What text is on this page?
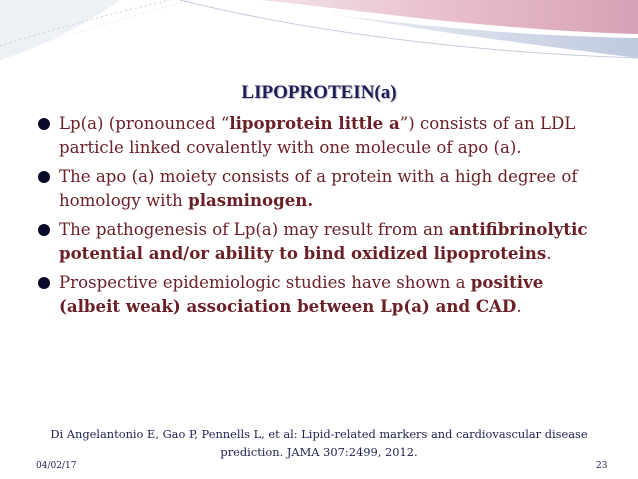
LIPOPROTEIN(a)
Lp(a) (pronounced “lipoprotein little a”) consists of an LDL particle linked covalently with one molecule of apo (a).
The apo (a) moiety consists of a protein with a high degree of homology with plasminogen.
The pathogenesis of Lp(a) may result from an antifibrinolytic potential and/or ability to bind oxidized lipoproteins.
Prospective epidemiologic studies have shown a positive (albeit weak) association between Lp(a) and CAD.
Di Angelantonio E, Gao P, Pennells L, et al: Lipid-related markers and cardiovascular disease
prediction. JAMA 307:2499, 2012.
04/02/17	23
